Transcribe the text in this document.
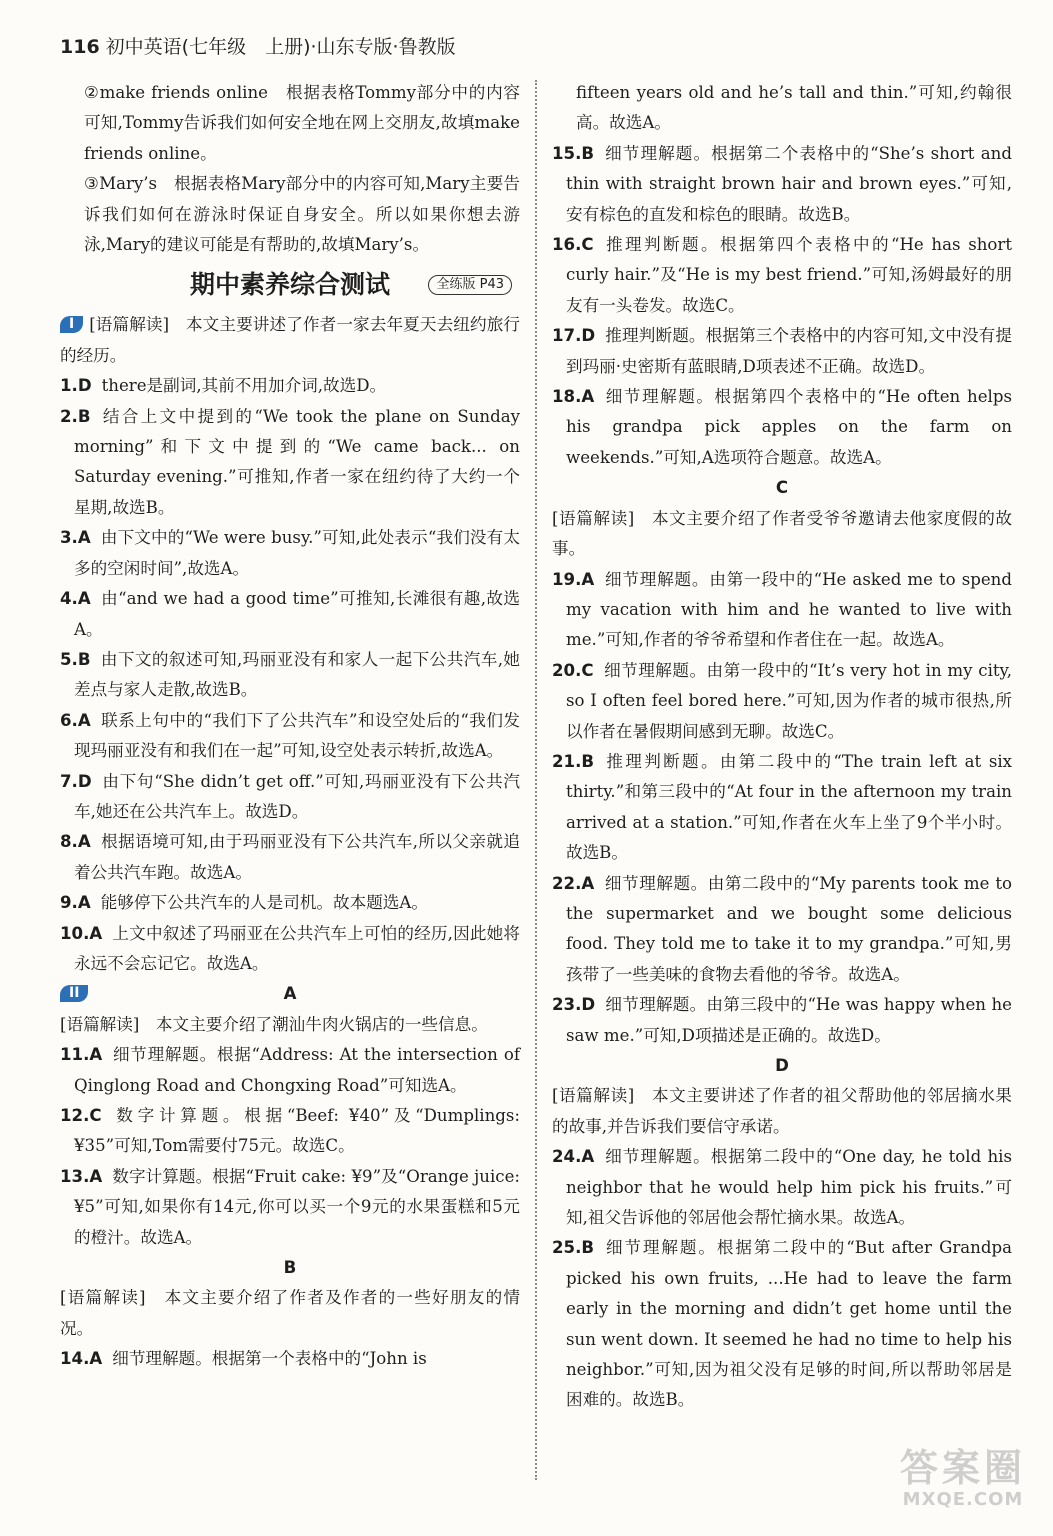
116 初中英语(七年级　上册)·山东专版·鲁教版

②make friends online　根据表格Tommy部分中的内容可知,Tommy告诉我们如何安全地在网上交朋友,故填make friends online。

③Mary’s　根据表格Mary部分中的内容可知,Mary主要告诉我们如何在游泳时保证自身安全。所以如果你想去游泳,Mary的建议可能是有帮助的,故填Mary’s。

期中素养综合测试	全练版 P43

I [语篇解读]　本文主要讲述了作者一家去年夏天去纽约旅行的经历。

1.D there是副词,其前不用加介词,故选D。

2.B 结合上文中提到的“We took the plane on Sunday morning”和下文中提到的“We came back... on Saturday evening.”可推知,作者一家在纽约待了大约一个星期,故选B。

3.A 由下文中的“We were busy.”可知,此处表示“我们没有太多的空闲时间”,故选A。

4.A 由“and we had a good time”可推知,长滩很有趣,故选A。

5.B 由下文的叙述可知,玛丽亚没有和家人一起下公共汽车,她差点与家人走散,故选B。

6.A 联系上句中的“我们下了公共汽车”和设空处后的“我们发现玛丽亚没有和我们在一起”可知,设空处表示转折,故选A。

7.D 由下句“She didn’t get off.”可知,玛丽亚没有下公共汽车,她还在公共汽车上。故选D。

8.A 根据语境可知,由于玛丽亚没有下公共汽车,所以父亲就追着公共汽车跑。故选A。

9.A 能够停下公共汽车的人是司机。故本题选A。

10.A 上文中叙述了玛丽亚在公共汽车上可怕的经历,因此她将永远不会忘记它。故选A。

II	A

[语篇解读]　本文主要介绍了潮汕牛肉火锅店的一些信息。

11.A 细节理解题。根据“Address: At the intersection of Qinglong Road and Chongxing Road”可知选A。

12.C 数字计算题。根据“Beef: ¥40”及“Dumplings: ¥35”可知,Tom需要付75元。故选C。

13.A 数字计算题。根据“Fruit cake: ¥9”及“Orange juice: ¥5”可知,如果你有14元,你可以买一个9元的水果蛋糕和5元的橙汁。故选A。

B

[语篇解读]　本文主要介绍了作者及作者的一些好朋友的情况。

14.A 细节理解题。根据第一个表格中的“John is

fifteen years old and he’s tall and thin.”可知,约翰很高。故选A。

15.B 细节理解题。根据第二个表格中的“She’s short and thin with straight brown hair and brown eyes.”可知,安有棕色的直发和棕色的眼睛。故选B。

16.C 推理判断题。根据第四个表格中的“He has short curly hair.”及“He is my best friend.”可知,汤姆最好的朋友有一头卷发。故选C。

17.D 推理判断题。根据第三个表格中的内容可知,文中没有提到玛丽·史密斯有蓝眼睛,D项表述不正确。故选D。

18.A 细节理解题。根据第四个表格中的“He often helps his grandpa pick apples on the farm on weekends.”可知,A选项符合题意。故选A。

C

[语篇解读]　本文主要介绍了作者受爷爷邀请去他家度假的故事。

19.A 细节理解题。由第一段中的“He asked me to spend my vacation with him and he wanted to live with me.”可知,作者的爷爷希望和作者住在一起。故选A。

20.C 细节理解题。由第一段中的“It’s very hot in my city, so I often feel bored here.”可知,因为作者的城市很热,所以作者在暑假期间感到无聊。故选C。

21.B 推理判断题。由第二段中的“The train left at six thirty.”和第三段中的“At four in the afternoon my train arrived at a station.”可知,作者在火车上坐了9个半小时。故选B。

22.A 细节理解题。由第二段中的“My parents took me to the supermarket and we bought some delicious food. They told me to take it to my grandpa.”可知,男孩带了一些美味的食物去看他的爷爷。故选A。

23.D 细节理解题。由第三段中的“He was happy when he saw me.”可知,D项描述是正确的。故选D。

D

[语篇解读]　本文主要讲述了作者的祖父帮助他的邻居摘水果的故事,并告诉我们要信守承诺。

24.A 细节理解题。根据第二段中的“One day, he told his neighbor that he would help him pick his fruits.”可知,祖父告诉他的邻居他会帮忙摘水果。故选A。

25.B 细节理解题。根据第二段中的“But after Grandpa picked his own fruits, ...He had to leave the farm early in the morning and didn’t get home until the sun went down. It seemed he had no time to help his neighbor.”可知,因为祖父没有足够的时间,所以帮助邻居是困难的。故选B。

答案圈
MXQE.COM
